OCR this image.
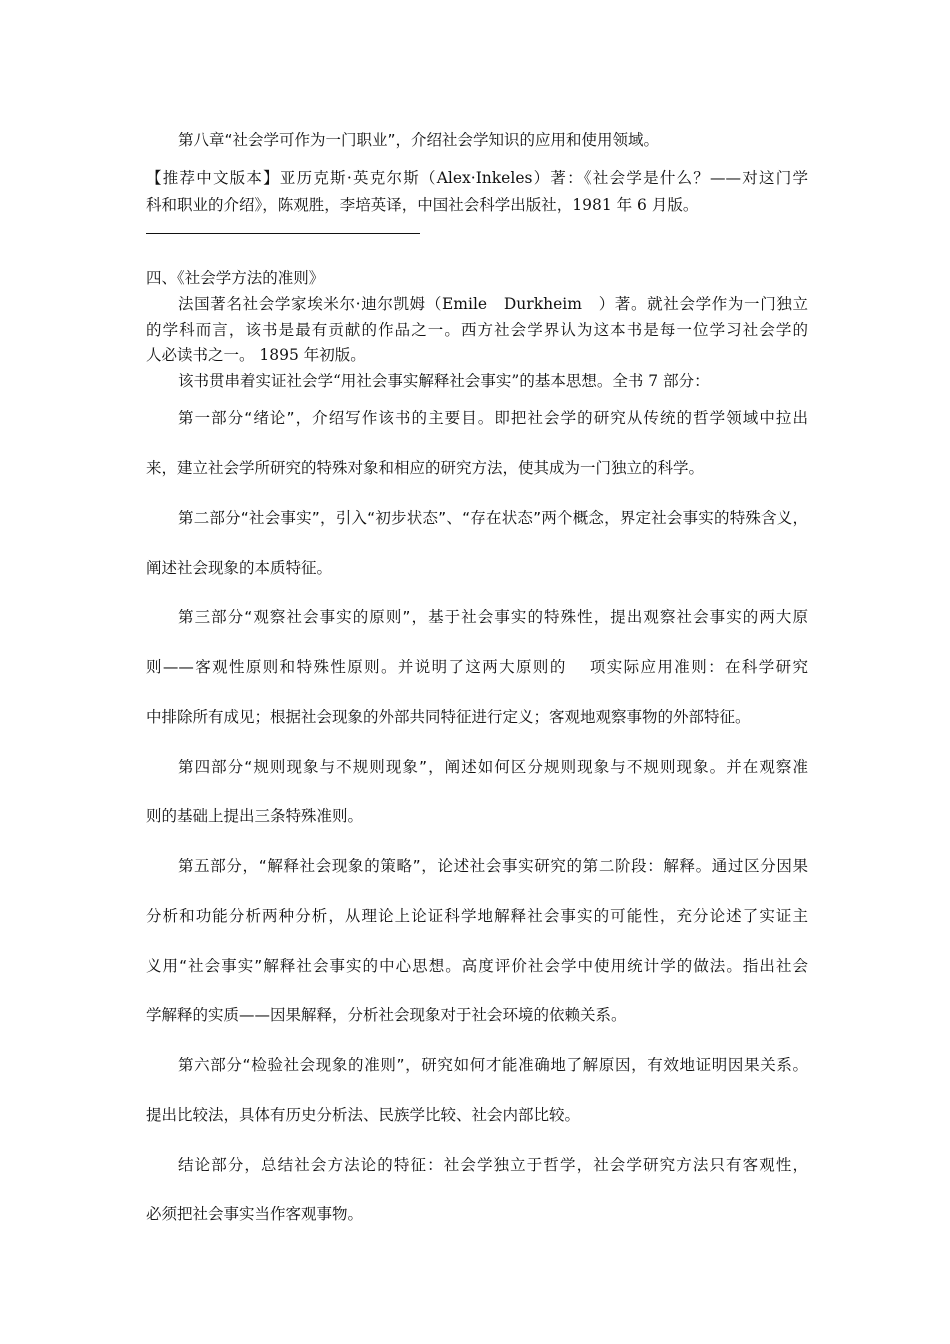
第八章“社会学可作为一门职业”，介绍社会学知识的应用和使用领域。
【推荐中文版本】亚历克斯·英克尔斯（Alex·Inkeles）著：《社会学是什么？——对这门学
科和职业的介绍》，陈观胜，李培英译，中国社会科学出版社，1981 年 6 月版。
四、《社会学方法的准则》
法国著名社会学家埃米尔·迪尔凯姆（Emile　Durkheim　）著。就社会学作为一门独立
的学科而言，该书是最有贡献的作品之一。西方社会学界认为这本书是每一位学习社会学的
人必读书之一。 1895 年初版。
该书贯串着实证社会学“用社会事实解释社会事实”的基本思想。全书 7 部分：
第一部分“绪论”，介绍写作该书的主要目。即把社会学的研究从传统的哲学领域中拉出
来，建立社会学所研究的特殊对象和相应的研究方法，使其成为一门独立的科学。
第二部分“社会事实”，引入“初步状态”、“存在状态”两个概念，界定社会事实的特殊含义，
阐述社会现象的本质特征。
第三部分“观察社会事实的原则”，基于社会事实的特殊性，提出观察社会事实的两大原
则——客观性原则和特殊性原则。并说明了这两大原则的　 项实际应用准则：在科学研究
中排除所有成见；根据社会现象的外部共同特征进行定义；客观地观察事物的外部特征。
第四部分“规则现象与不规则现象”，阐述如何区分规则现象与不规则现象。并在观察准
则的基础上提出三条特殊准则。
第五部分，“解释社会现象的策略”，论述社会事实研究的第二阶段：解释。通过区分因果
分析和功能分析两种分析，从理论上论证科学地解释社会事实的可能性，充分论述了实证主
义用“社会事实”解释社会事实的中心思想。高度评价社会学中使用统计学的做法。指出社会
学解释的实质——因果解释，分析社会现象对于社会环境的依赖关系。
第六部分“检验社会现象的准则”，研究如何才能准确地了解原因，有效地证明因果关系。
提出比较法，具体有历史分析法、民族学比较、社会内部比较。
结论部分，总结社会方法论的特征：社会学独立于哲学，社会学研究方法只有客观性，
必须把社会事实当作客观事物。
